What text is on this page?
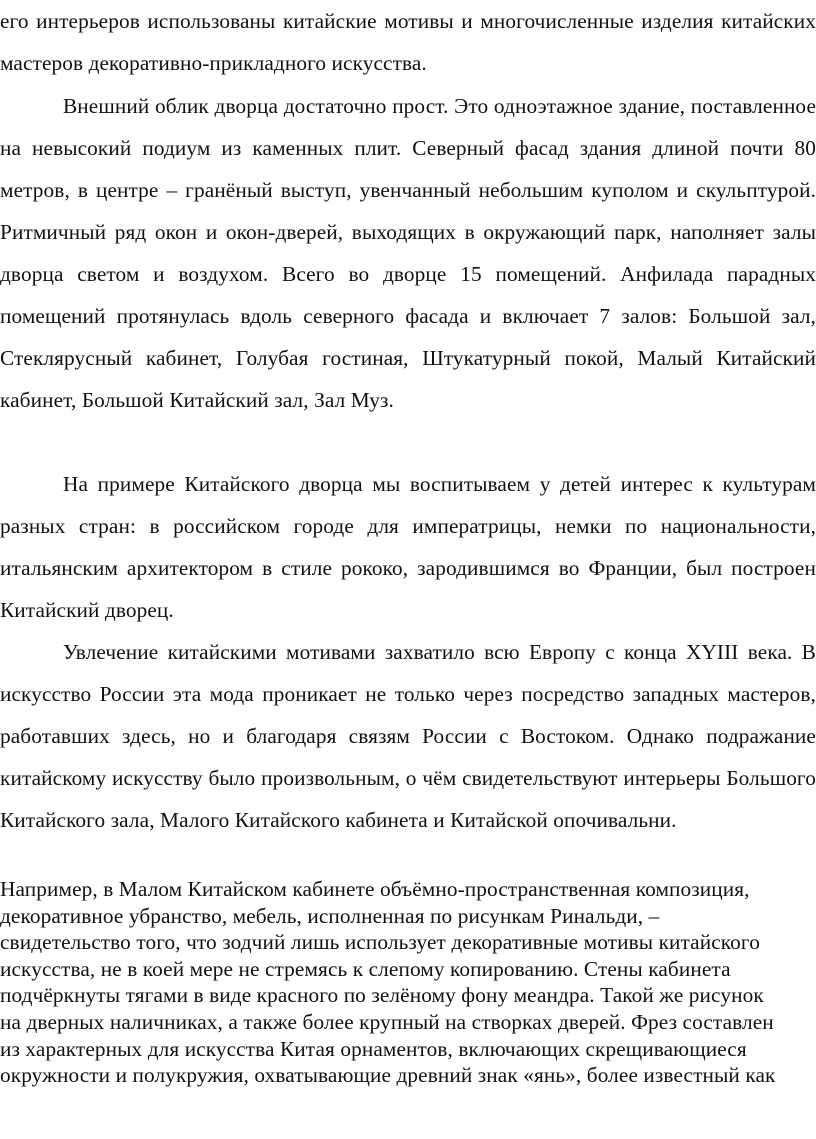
его интерьеров использованы китайские мотивы и многочисленные изделия китайских мастеров декоративно-прикладного искусства.

Внешний облик дворца достаточно прост. Это одноэтажное здание, поставленное на невысокий подиум из каменных плит. Северный фасад здания длиной почти 80 метров, в центре – гранёный выступ, увенчанный небольшим куполом и скульптурой. Ритмичный ряд окон и окон-дверей, выходящих в окружающий парк, наполняет залы дворца светом и воздухом. Всего во дворце 15 помещений. Анфилада парадных помещений протянулась вдоль северного фасада и включает 7 залов: Большой зал, Стеклярусный кабинет, Голубая гостиная, Штукатурный покой, Малый Китайский кабинет, Большой Китайский зал, Зал Муз.

На примере Китайского дворца мы воспитываем у детей интерес к культурам разных стран: в российском городе для императрицы, немки по национальности, итальянским архитектором в стиле рококо, зародившимся во Франции, был построен Китайский дворец.

Увлечение китайскими мотивами захватило всю Европу с конца XYIII века. В искусство России эта мода проникает не только через посредство западных мастеров, работавших здесь, но и благодаря связям России с Востоком. Однако подражание китайскому искусству было произвольным, о чём свидетельствуют интерьеры Большого Китайского зала, Малого Китайского кабинета и Китайской опочивальни.

Например, в Малом Китайском кабинете объёмно-пространственная композиция, декоративное убранство, мебель, исполненная по рисункам Ринальди, – свидетельство того, что зодчий лишь использует декоративные мотивы китайского искусства, не в коей мере не стремясь к слепому копированию. Стены кабинета подчёркнуты тягами в виде красного по зелёному фону меандра. Такой же рисунок на дверных наличниках, а также более крупный на створках дверей. Фрез составлен из характерных для искусства Китая орнаментов, включающих скрещивающиеся окружности и полукружия, охватывающие древний знак «янь», более известный как
